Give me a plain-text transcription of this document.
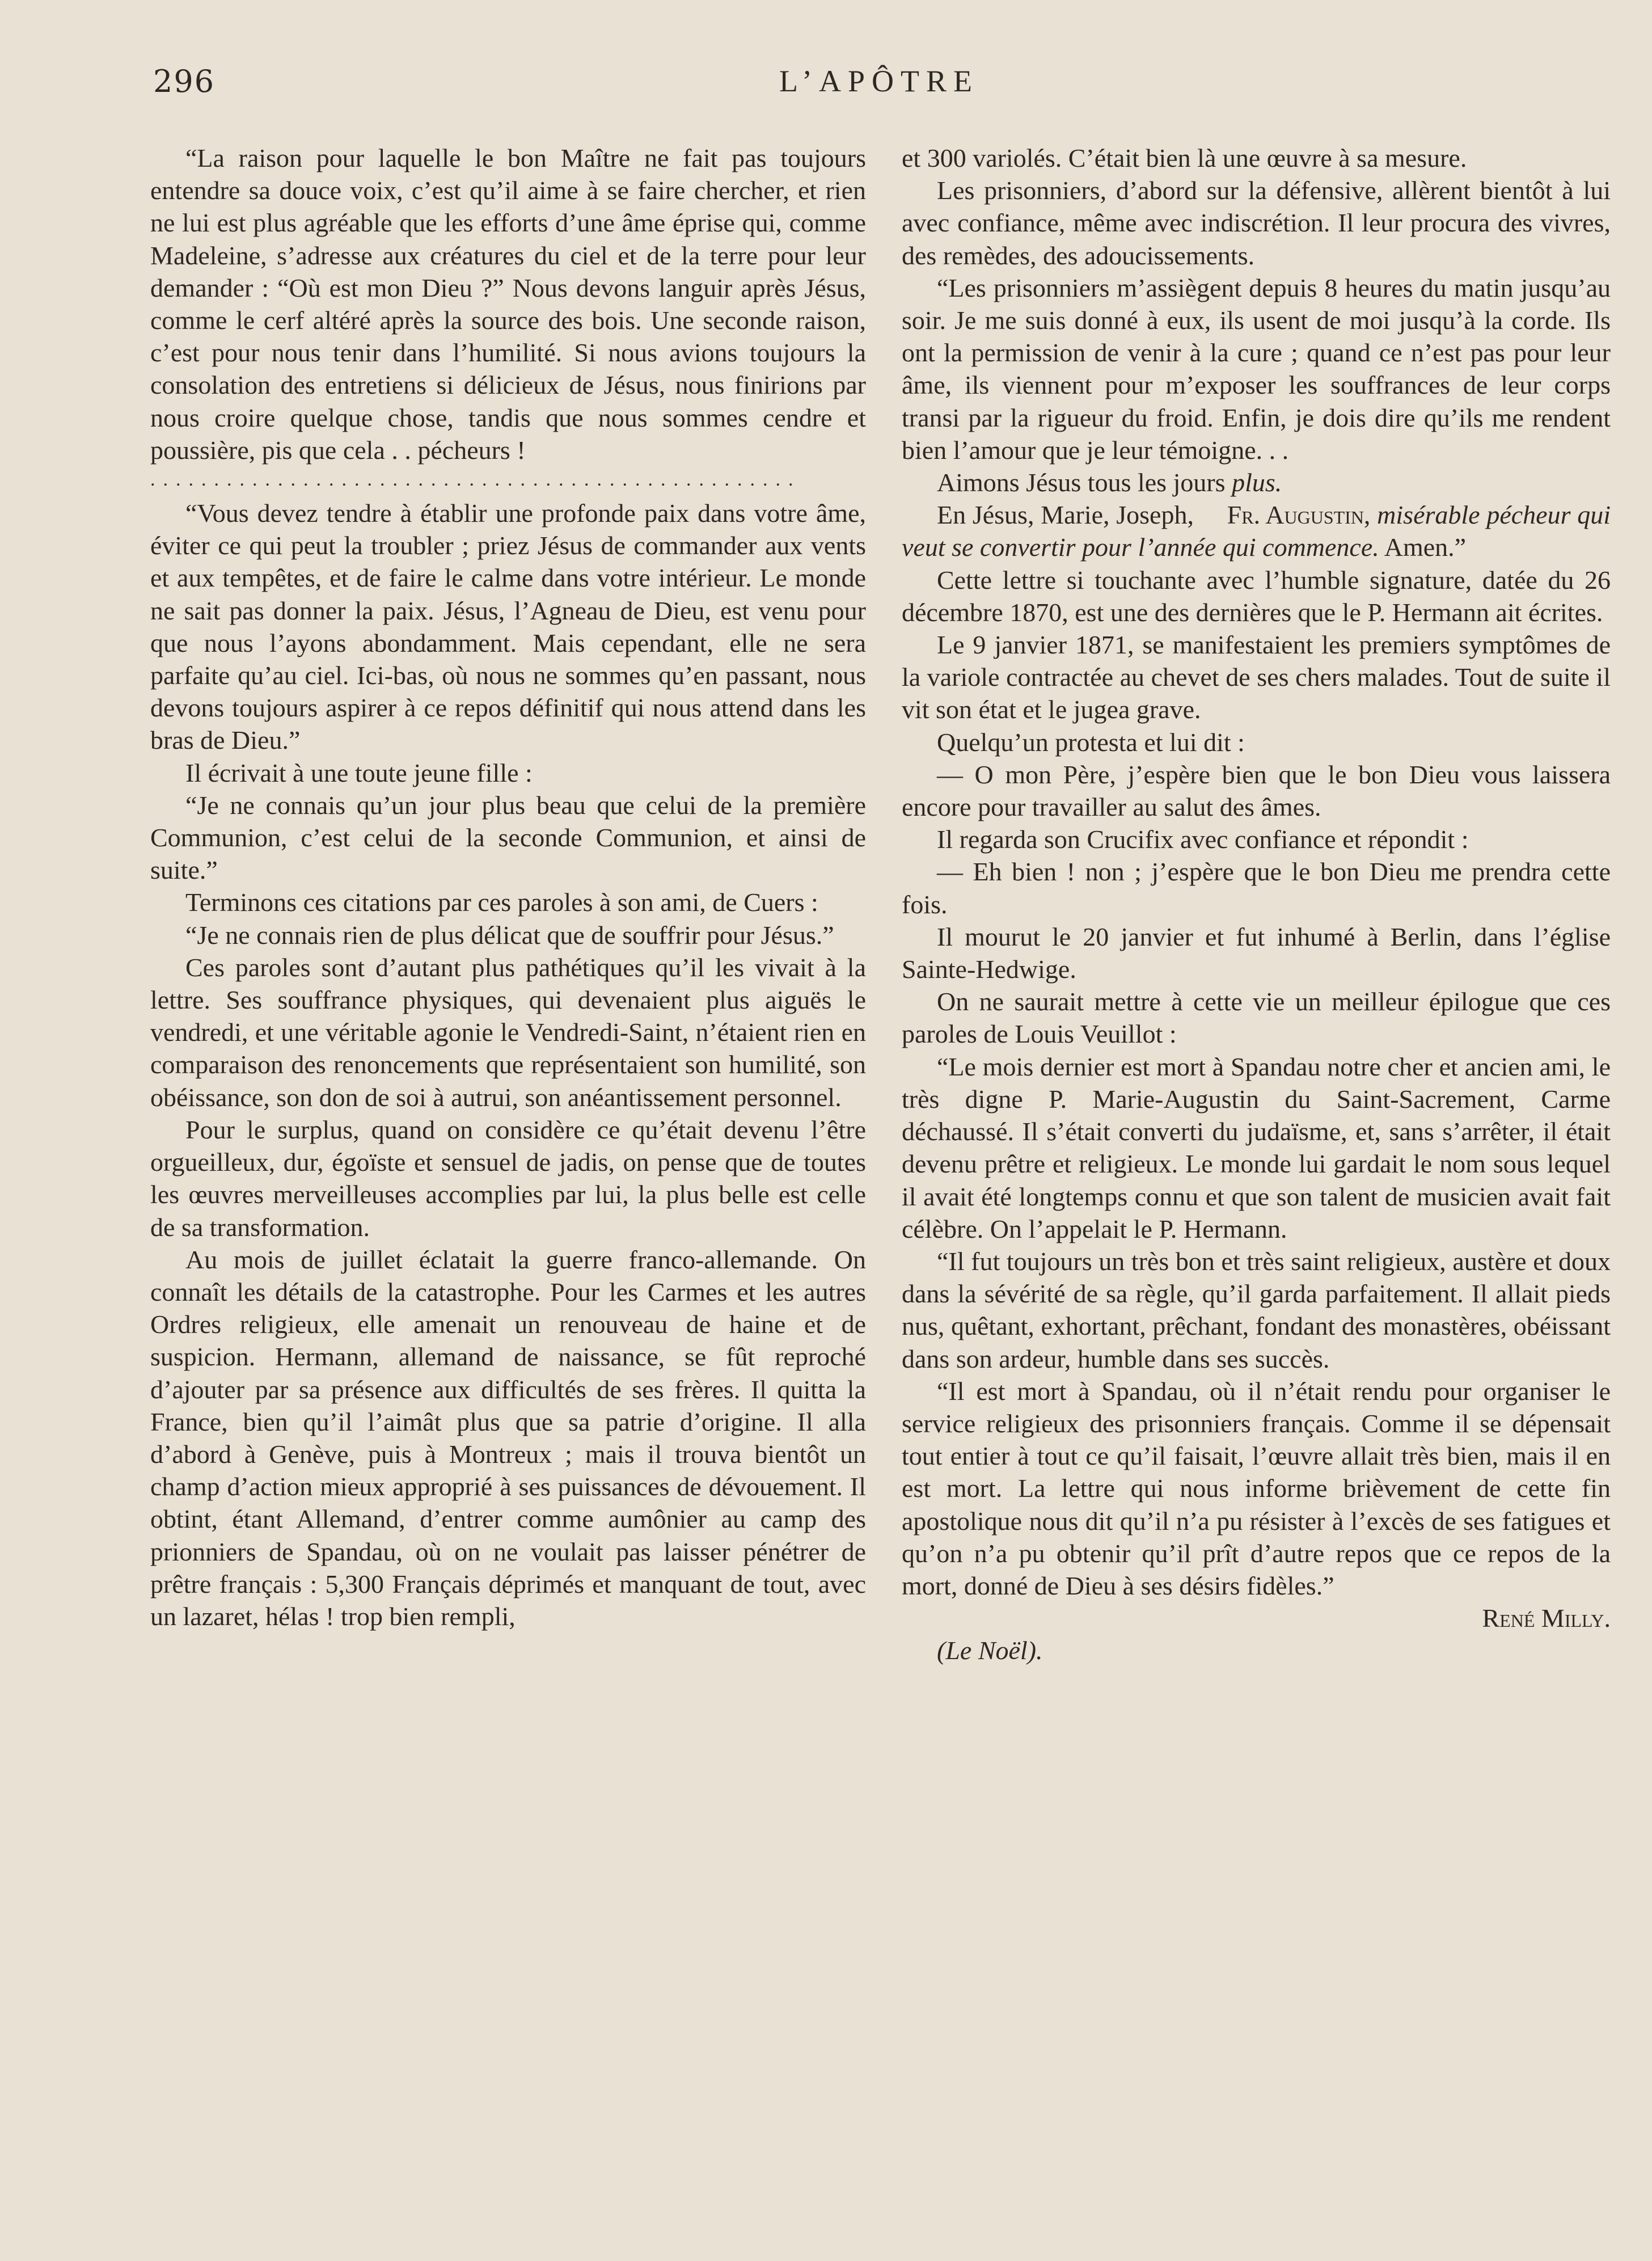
296	L’APÔTRE

“La raison pour laquelle le bon Maître ne fait pas toujours entendre sa douce voix, c’est qu’il aime à se faire chercher, et rien ne lui est plus agréable que les efforts d’une âme éprise qui, comme Madeleine, s’adresse aux créatures du ciel et de la terre pour leur demander : “Où est mon Dieu ?” Nous devons languir après Jésus, comme le cerf altéré après la source des bois. Une seconde raison, c’est pour nous tenir dans l’humilité. Si nous avions toujours la consolation des entretiens si délicieux de Jésus, nous finirions par nous croire quelque chose, tandis que nous sommes cendre et poussière, pis que cela . . pécheurs !

...................................................

“Vous devez tendre à établir une profonde paix dans votre âme, éviter ce qui peut la troubler ; priez Jésus de commander aux vents et aux tempêtes, et de faire le calme dans votre intérieur. Le monde ne sait pas donner la paix. Jésus, l’Agneau de Dieu, est venu pour que nous l’ayons abondamment. Mais cependant, elle ne sera parfaite qu’au ciel. Ici-bas, où nous ne sommes qu’en passant, nous devons toujours aspirer à ce repos définitif qui nous attend dans les bras de Dieu.”

Il écrivait à une toute jeune fille :

“Je ne connais qu’un jour plus beau que celui de la première Communion, c’est celui de la seconde Communion, et ainsi de suite.”

Terminons ces citations par ces paroles à son ami, de Cuers :

“Je ne connais rien de plus délicat que de souffrir pour Jésus.”

Ces paroles sont d’autant plus pathétiques qu’il les vivait à la lettre. Ses souffrance physiques, qui devenaient plus aiguës le vendredi, et une véritable agonie le Vendredi-Saint, n’étaient rien en comparaison des renoncements que représentaient son humilité, son obéissance, son don de soi à autrui, son anéantissement personnel.

Pour le surplus, quand on considère ce qu’était devenu l’être orgueilleux, dur, égoïste et sensuel de jadis, on pense que de toutes les œuvres merveilleuses accomplies par lui, la plus belle est celle de sa transformation.

Au mois de juillet éclatait la guerre franco-allemande. On connaît les détails de la catastrophe. Pour les Carmes et les autres Ordres religieux, elle amenait un renouveau de haine et de suspicion. Hermann, allemand de naissance, se fût reproché d’ajouter par sa présence aux difficultés de ses frères. Il quitta la France, bien qu’il l’aimât plus que sa patrie d’origine. Il alla d’abord à Genève, puis à Montreux ; mais il trouva bientôt un champ d’action mieux approprié à ses puissances de dévouement. Il obtint, étant Allemand, d’entrer comme aumônier au camp des prionniers de Spandau, où on ne voulait pas laisser pénétrer de prêtre français : 5,300 Français déprimés et manquant de tout, avec un lazaret, hélas ! trop bien rempli,

et 300 variolés. C’était bien là une œuvre à sa mesure.

Les prisonniers, d’abord sur la défensive, allèrent bientôt à lui avec confiance, même avec indiscrétion. Il leur procura des vivres, des remèdes, des adoucissements.

“Les prisonniers m’assiègent depuis 8 heures du matin jusqu’au soir. Je me suis donné à eux, ils usent de moi jusqu’à la corde. Ils ont la permission de venir à la cure ; quand ce n’est pas pour leur âme, ils viennent pour m’exposer les souffrances de leur corps transi par la rigueur du froid. Enfin, je dois dire qu’ils me rendent bien l’amour que je leur témoigne. . .

Aimons Jésus tous les jours plus.

En Jésus, Marie, Joseph,     Fr. Augustin, misérable pécheur qui veut se convertir pour l’année qui commence. Amen.”

Cette lettre si touchante avec l’humble signature, datée du 26 décembre 1870, est une des dernières que le P. Hermann ait écrites.

Le 9 janvier 1871, se manifestaient les premiers symptômes de la variole contractée au chevet de ses chers malades. Tout de suite il vit son état et le jugea grave.

Quelqu’un protesta et lui dit :

— O mon Père, j’espère bien que le bon Dieu vous laissera encore pour travailler au salut des âmes.

Il regarda son Crucifix avec confiance et répondit :

— Eh bien ! non ; j’espère que le bon Dieu me prendra cette fois.

Il mourut le 20 janvier et fut inhumé à Berlin, dans l’église Sainte-Hedwige.

On ne saurait mettre à cette vie un meilleur épilogue que ces paroles de Louis Veuillot :

“Le mois dernier est mort à Spandau notre cher et ancien ami, le très digne P. Marie-Augustin du Saint-Sacrement, Carme déchaussé. Il s’était converti du judaïsme, et, sans s’arrêter, il était devenu prêtre et religieux. Le monde lui gardait le nom sous lequel il avait été longtemps connu et que son talent de musicien avait fait célèbre. On l’appelait le P. Hermann.

“Il fut toujours un très bon et très saint religieux, austère et doux dans la sévérité de sa règle, qu’il garda parfaitement. Il allait pieds nus, quêtant, exhortant, prêchant, fondant des monastères, obéissant dans son ardeur, humble dans ses succès.

“Il est mort à Spandau, où il n’était rendu pour organiser le service religieux des prisonniers français. Comme il se dépensait tout entier à tout ce qu’il faisait, l’œuvre allait très bien, mais il en est mort. La lettre qui nous informe brièvement de cette fin apostolique nous dit qu’il n’a pu résister à l’excès de ses fatigues et qu’on n’a pu obtenir qu’il prît d’autre repos que ce repos de la mort, donné de Dieu à ses désirs fidèles.”

René Milly.

(Le Noël).
